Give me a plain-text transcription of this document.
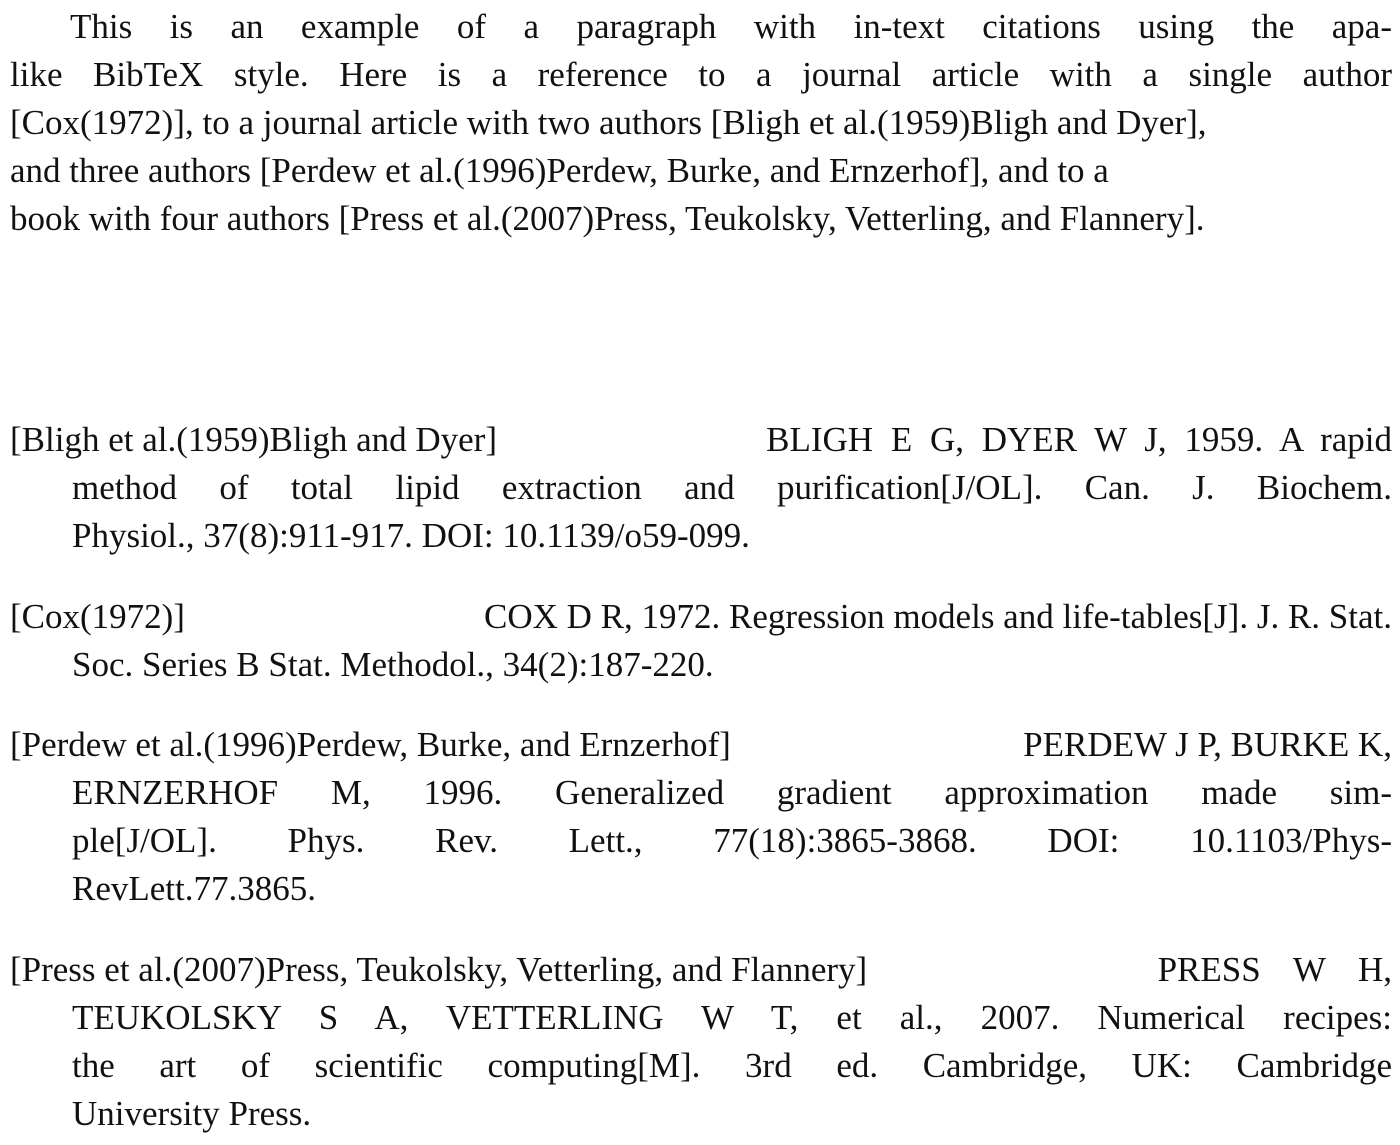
This is an example of a paragraph with in-text citations using the apa-
like BibTeX style. Here is a reference to a journal article with a single author
[Cox(1972)], to a journal article with two authors [Bligh et al.(1959)Bligh and Dyer],
and three authors [Perdew et al.(1996)Perdew, Burke, and Ernzerhof], and to a
book with four authors [Press et al.(2007)Press, Teukolsky, Vetterling, and Flannery].
[Bligh et al.(1959)Bligh and Dyer]	BLIGH E G, DYER W J, 1959. A rapid
method of total lipid extraction and purification[J/OL]. Can. J. Biochem.
Physiol., 37(8):911-917. DOI: 10.1139/o59-099.
[Cox(1972)]	COX D R, 1972. Regression models and life-tables[J]. J. R. Stat.
Soc. Series B Stat. Methodol., 34(2):187-220.
[Perdew et al.(1996)Perdew, Burke, and Ernzerhof]	PERDEW J P, BURKE K,
ERNZERHOF M, 1996. Generalized gradient approximation made sim-
ple[J/OL]. Phys. Rev. Lett., 77(18):3865-3868. DOI: 10.1103/Phys-
RevLett.77.3865.
[Press et al.(2007)Press, Teukolsky, Vetterling, and Flannery]	PRESS W H,
TEUKOLSKY S A, VETTERLING W T, et al., 2007. Numerical recipes:
the art of scientific computing[M]. 3rd ed. Cambridge, UK: Cambridge
University Press.
